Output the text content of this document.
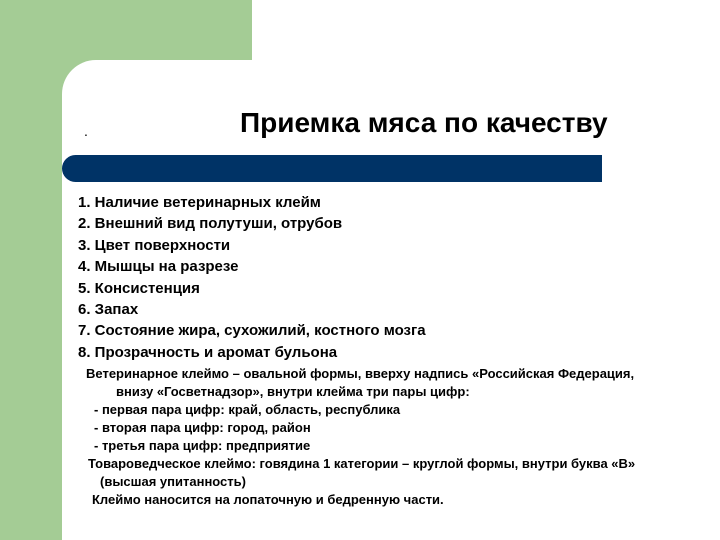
.	Приемка мяса по качеству
1. Наличие ветеринарных клейм
2. Внешний вид полутуши, отрубов
3. Цвет поверхности
4. Мышцы на разрезе
5. Консистенция
6. Запах
7. Состояние жира, сухожилий, костного мозга
8. Прозрачность и аромат бульона

Ветеринарное клеймо – овальной формы, вверху надпись «Российская Федерация,

внизу «Госветнадзор», внутри клейма три пары цифр:

- первая пара цифр: край, область, республика

- вторая пара цифр: город, район

- третья пара цифр: предприятие

Товароведческое клеймо: говядина 1 категории – круглой формы, внутри буква «В»

(высшая упитанность)

Клеймо наносится на лопаточную и бедренную части.
